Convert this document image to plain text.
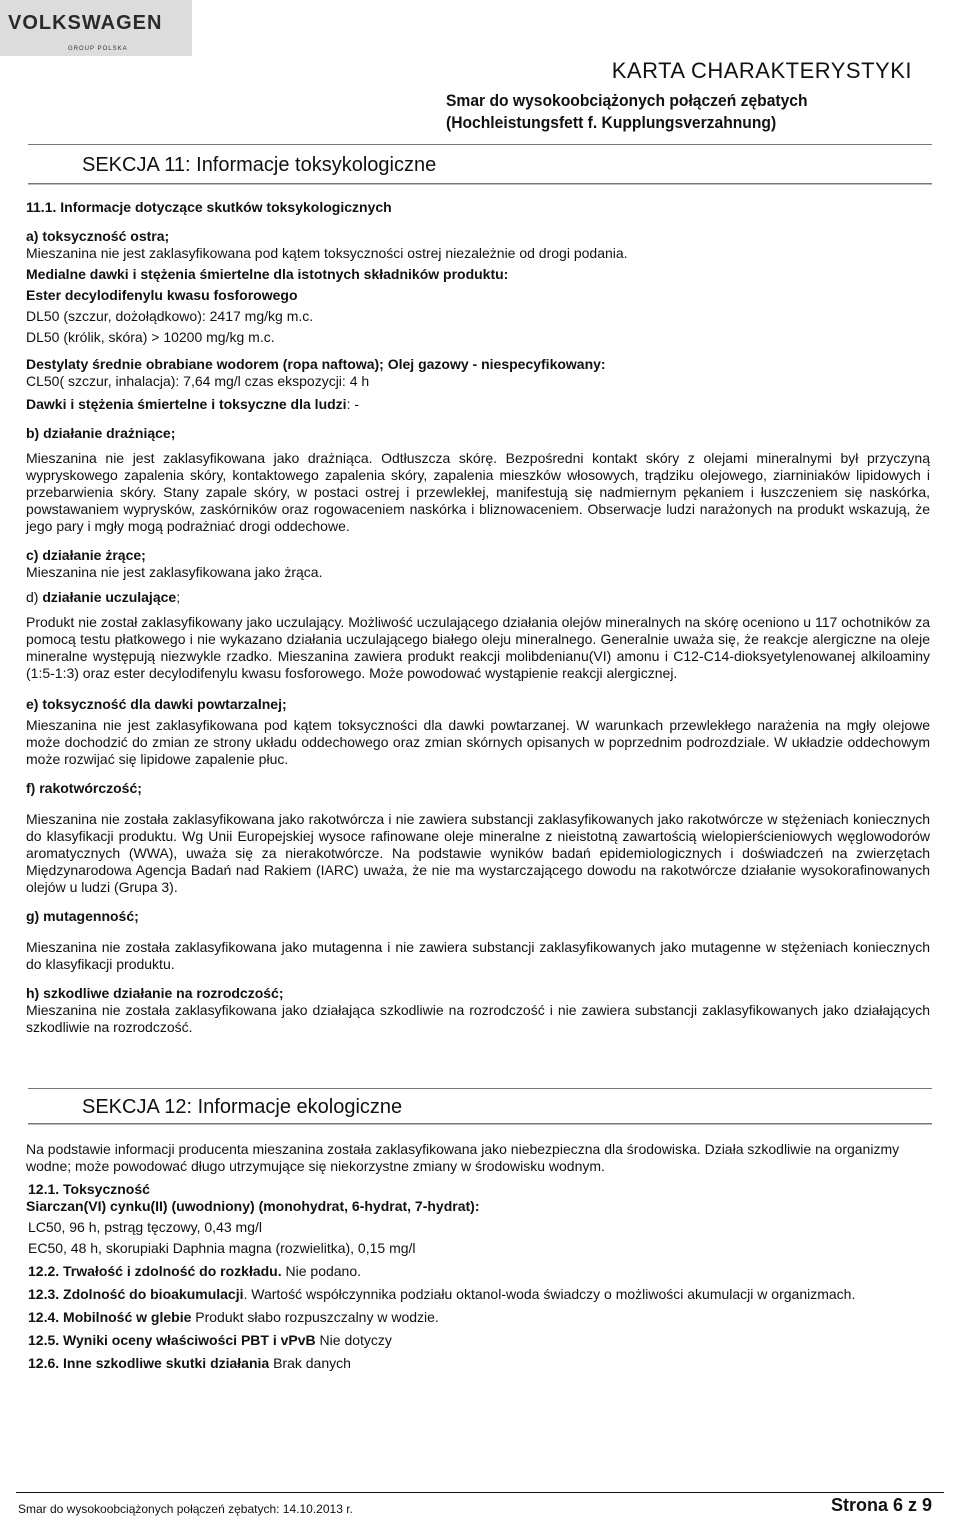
VOLKSWAGEN
GROUP POLSKA
KARTA CHARAKTERYSTYKI
Smar do wysokoobciążonych połączeń zębatych
(Hochleistungsfett f. Kupplungsverzahnung)
SEKCJA 11: Informacje toksykologiczne

11.1. Informacje dotyczące skutków toksykologicznych

a) toksyczność ostra;

Mieszanina nie jest zaklasyfikowana pod kątem toksyczności ostrej niezależnie od drogi podania.

Medialne dawki i stężenia śmiertelne dla istotnych składników produktu:

Ester decylodifenylu kwasu fosforowego

DL50 (szczur, dożołądkowo): 2417 mg/kg m.c.

DL50 (królik, skóra) > 10200 mg/kg m.c.

Destylaty średnie obrabiane wodorem (ropa naftowa); Olej gazowy - niespecyfikowany:

CL50( szczur, inhalacja): 7,64 mg/l czas ekspozycji: 4 h

Dawki i stężenia śmiertelne i toksyczne dla ludzi: -

b) działanie drażniące;

Mieszanina nie jest zaklasyfikowana jako drażniąca. Odtłuszcza skórę. Bezpośredni kontakt skóry z olejami mineralnymi był przyczyną wypryskowego zapalenia skóry, kontaktowego zapalenia skóry, zapalenia mieszków włosowych, trądziku olejowego, ziarniniaków lipidowych i przebarwienia skóry. Stany zapale skóry, w postaci ostrej i przewlekłej, manifestują się nadmiernym pękaniem i łuszczeniem się naskórka, powstawaniem wyprysków, zaskórników oraz rogowaceniem naskórka i bliznowaceniem. Obserwacje ludzi narażonych na produkt wskazują, że jego pary i mgły mogą podrażniać drogi oddechowe.

c) działanie żrące;

Mieszanina nie jest zaklasyfikowana jako żrąca.

d) działanie uczulające;

Produkt nie został zaklasyfikowany jako uczulający. Możliwość uczulającego działania olejów mineralnych na skórę oceniono u 117 ochotników za pomocą testu płatkowego i nie wykazano działania uczulającego białego oleju mineralnego. Generalnie uważa się, że reakcje alergiczne na oleje mineralne występują niezwykle rzadko. Mieszanina zawiera produkt reakcji molibdenianu(VI) amonu i C12-C14-dioksyetylenowanej alkiloaminy (1:5-1:3) oraz ester decylodifenylu kwasu fosforowego. Może powodować wystąpienie reakcji alergicznej.

e) toksyczność dla dawki powtarzalnej;

Mieszanina nie jest zaklasyfikowana pod kątem toksyczności dla dawki powtarzanej. W warunkach przewlekłego narażenia na mgły olejowe może dochodzić do zmian ze strony układu oddechowego oraz zmian skórnych opisanych w poprzednim podrozdziale. W układzie oddechowym może rozwijać się lipidowe zapalenie płuc.

f) rakotwórczość;

Mieszanina nie została zaklasyfikowana jako rakotwórcza i nie zawiera substancji zaklasyfikowanych jako rakotwórcze w stężeniach koniecznych do klasyfikacji produktu. Wg Unii Europejskiej wysoce rafinowane oleje mineralne z nieistotną zawartością wielopierścieniowych węglowodorów aromatycznych (WWA), uważa się za nierakotwórcze. Na podstawie wyników badań epidemiologicznych i doświadczeń na zwierzętach Międzynarodowa Agencja Badań nad Rakiem (IARC) uważa, że nie ma wystarczającego dowodu na rakotwórcze działanie wysokorafinowanych olejów u ludzi (Grupa 3).

g) mutagenność;

Mieszanina nie została zaklasyfikowana jako mutagenna i nie zawiera substancji zaklasyfikowanych jako mutagenne w stężeniach koniecznych do klasyfikacji produktu.

h) szkodliwe działanie na rozrodczość;

Mieszanina nie została zaklasyfikowana jako działająca szkodliwie na rozrodczość i nie zawiera substancji zaklasyfikowanych jako działających szkodliwie na rozrodczość.

SEKCJA 12: Informacje ekologiczne

Na podstawie informacji producenta mieszanina została zaklasyfikowana jako niebezpieczna dla środowiska. Działa szkodliwie na organizmy wodne; może powodować długo utrzymujące się niekorzystne zmiany w środowisku wodnym.

12.1. Toksyczność

Siarczan(VI) cynku(II) (uwodniony) (monohydrat, 6-hydrat, 7-hydrat):

LC50, 96 h, pstrąg tęczowy, 0,43 mg/l

EC50, 48 h, skorupiaki Daphnia magna (rozwielitka), 0,15 mg/l

12.2. Trwałość i zdolność do rozkładu. Nie podano.

12.3. Zdolność do bioakumulacji. Wartość współczynnika podziału oktanol-woda świadczy o możliwości akumulacji w organizmach.

12.4. Mobilność w glebie Produkt słabo rozpuszczalny w wodzie.

12.5. Wyniki oceny właściwości PBT i vPvB Nie dotyczy

12.6. Inne szkodliwe skutki działania Brak danych

Smar do wysokoobciążonych połączeń zębatych: 14.10.2013 r.	Strona 6 z 9
